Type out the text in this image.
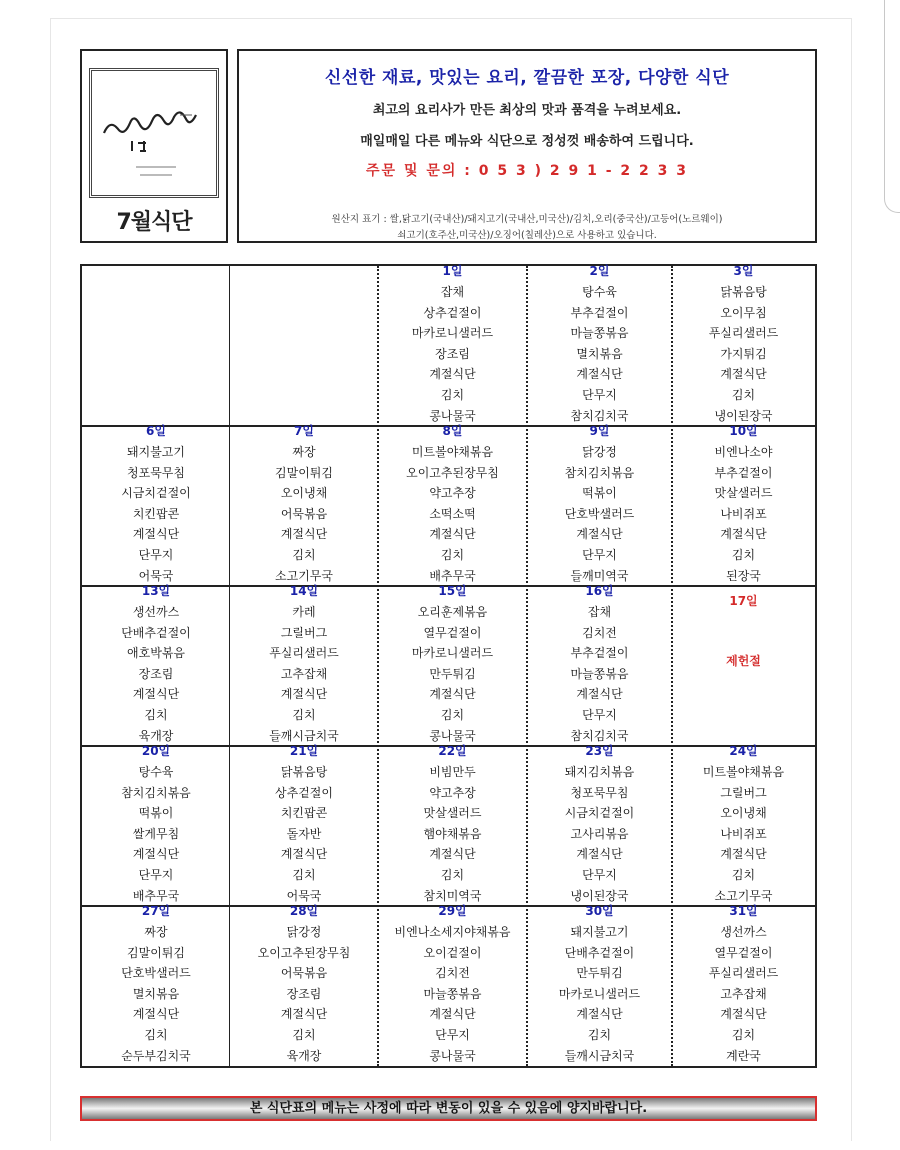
7월식단
신선한 재료, 맛있는 요리, 깔끔한 포장, 다양한 식단
최고의 요리사가 만든 최상의 맛과 품격을 누려보세요.
매일매일 다른 메뉴와 식단으로 정성껏 배송하여 드립니다.
주문 및 문의 : 0 5 3 ) 2 9 1 - 2 2 3 3
원산지 표기 : 쌀,닭고기(국내산)/돼지고기(국내산,미국산)/김치,오리(중국산)/고등어(노르웨이)
쇠고기(호주산,미국산)/오징어(칠레산)으로 사용하고 있습니다.
1일
잡채
상추겉절이
마카로니샐러드
장조림
계절식단
김치
콩나물국
2일
탕수육
부추겉절이
마늘쫑볶음
멸치볶음
계절식단
단무지
참치김치국
3일
닭볶음탕
오이무침
푸실리샐러드
가지튀김
계절식단
김치
냉이된장국
6일
돼지불고기
청포묵무침
시금치겉절이
치킨팝콘
계절식단
단무지
어묵국
7일
짜장
김말이튀김
오이냉채
어묵볶음
계절식단
김치
소고기무국
8일
미트볼야채볶음
오이고추된장무침
약고추장
소떡소떡
계절식단
김치
배추무국
9일
닭강정
참치김치볶음
떡볶이
단호박샐러드
계절식단
단무지
들깨미역국
10일
비엔나소야
부추겉절이
맛살샐러드
나비쥐포
계절식단
김치
된장국
13일
생선까스
단배추겉절이
애호박볶음
장조림
계절식단
김치
육개장
14일
카레
그릴버그
푸실리샐러드
고추잡채
계절식단
김치
들깨시금치국
15일
오리훈제볶음
열무겉절이
마카로니샐러드
만두튀김
계절식단
김치
콩나물국
16일
잡채
김치전
부추겉절이
마늘쫑볶음
계절식단
단무지
참치김치국
17일
제헌절
20일
탕수육
참치김치볶음
떡볶이
쌀게무침
계절식단
단무지
배추무국
21일
닭볶음탕
상추겉절이
치킨팝콘
돌자반
계절식단
김치
어묵국
22일
비빔만두
약고추장
맛살샐러드
햄야채볶음
계절식단
김치
참치미역국
23일
돼지김치볶음
청포묵무침
시금치겉절이
고사리볶음
계절식단
단무지
냉이된장국
24일
미트볼야채볶음
그릴버그
오이냉채
나비쥐포
계절식단
김치
소고기무국
27일
짜장
김말이튀김
단호박샐러드
멸치볶음
계절식단
김치
순두부김치국
28일
닭강정
오이고추된장무침
어묵볶음
장조림
계절식단
김치
육개장
29일
비엔나소세지야채볶음
오이겉절이
김치전
마늘쫑볶음
계절식단
단무지
콩나물국
30일
돼지불고기
단배추겉절이
만두튀김
마카로니샐러드
계절식단
김치
들깨시금치국
31일
생선까스
열무겉절이
푸실리샐러드
고추잡채
계절식단
김치
계란국
본 식단표의 메뉴는 사정에 따라 변동이 있을 수 있음에 양지바랍니다.
